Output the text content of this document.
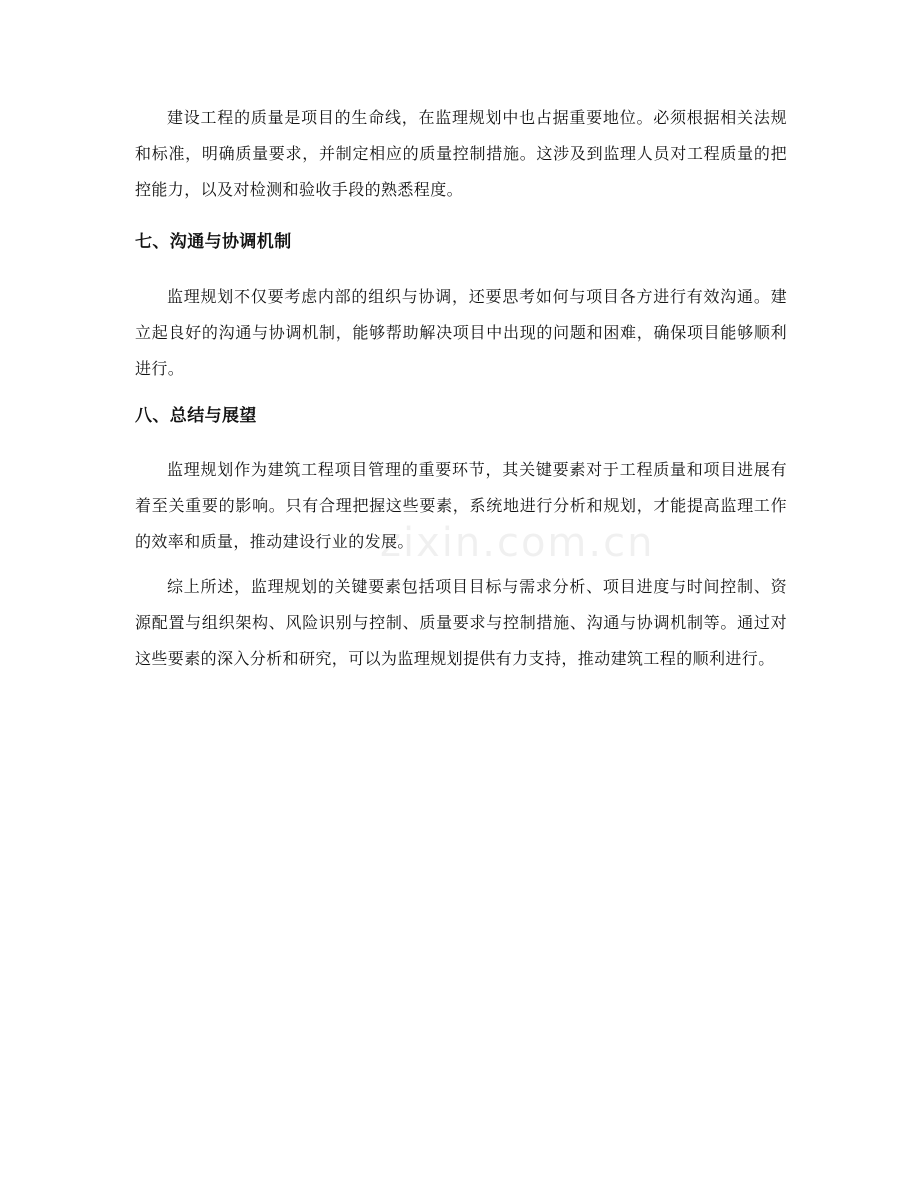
建设工程的质量是项目的生命线，在监理规划中也占据重要地位。必须根据相关法规和标准，明确质量要求，并制定相应的质量控制措施。这涉及到监理人员对工程质量的把控能力，以及对检测和验收手段的熟悉程度。

七、沟通与协调机制

监理规划不仅要考虑内部的组织与协调，还要思考如何与项目各方进行有效沟通。建立起良好的沟通与协调机制，能够帮助解决项目中出现的问题和困难，确保项目能够顺利进行。

八、总结与展望

监理规划作为建筑工程项目管理的重要环节，其关键要素对于工程质量和项目进展有着至关重要的影响。只有合理把握这些要素，系统地进行分析和规划，才能提高监理工作的效率和质量，推动建设行业的发展。

综上所述，监理规划的关键要素包括项目目标与需求分析、项目进度与时间控制、资源配置与组织架构、风险识别与控制、质量要求与控制措施、沟通与协调机制等。通过对这些要素的深入分析和研究，可以为监理规划提供有力支持，推动建筑工程的顺利进行。

zixin.com.cn
